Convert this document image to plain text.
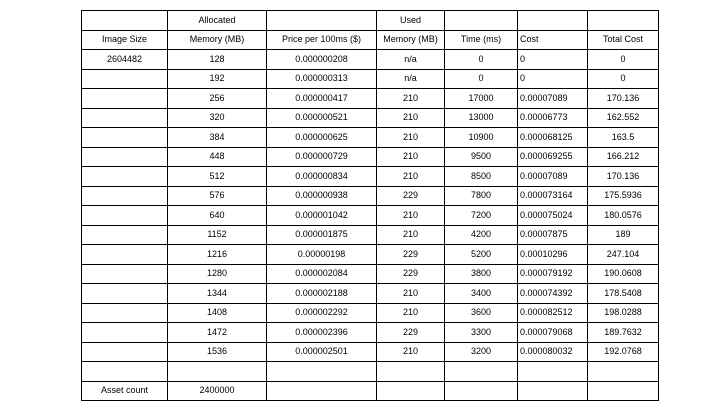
	Allocated		Used			
Image Size	Memory (MB)	Price per 100ms ($)	Memory (MB)	Time (ms)	Cost	Total Cost
2604482	128	0.000000208	n/a	0	0	0
	192	0.000000313	n/a	0	0	0
	256	0.000000417	210	17000	0.00007089	170.136
	320	0.000000521	210	13000	0.00006773	162.552
	384	0.000000625	210	10900	0.000068125	163.5
	448	0.000000729	210	9500	0.000069255	166.212
	512	0.000000834	210	8500	0.00007089	170.136
	576	0.000000938	229	7800	0.000073164	175.5936
	640	0.000001042	210	7200	0.000075024	180.0576
	1152	0.000001875	210	4200	0.00007875	189
	1216	0.00000198	229	5200	0.00010296	247.104
	1280	0.000002084	229	3800	0.000079192	190.0608
	1344	0.000002188	210	3400	0.000074392	178.5408
	1408	0.000002292	210	3600	0.000082512	198.0288
	1472	0.000002396	229	3300	0.000079068	189.7632
	1536	0.000002501	210	3200	0.000080032	192.0768

Asset count	2400000					
